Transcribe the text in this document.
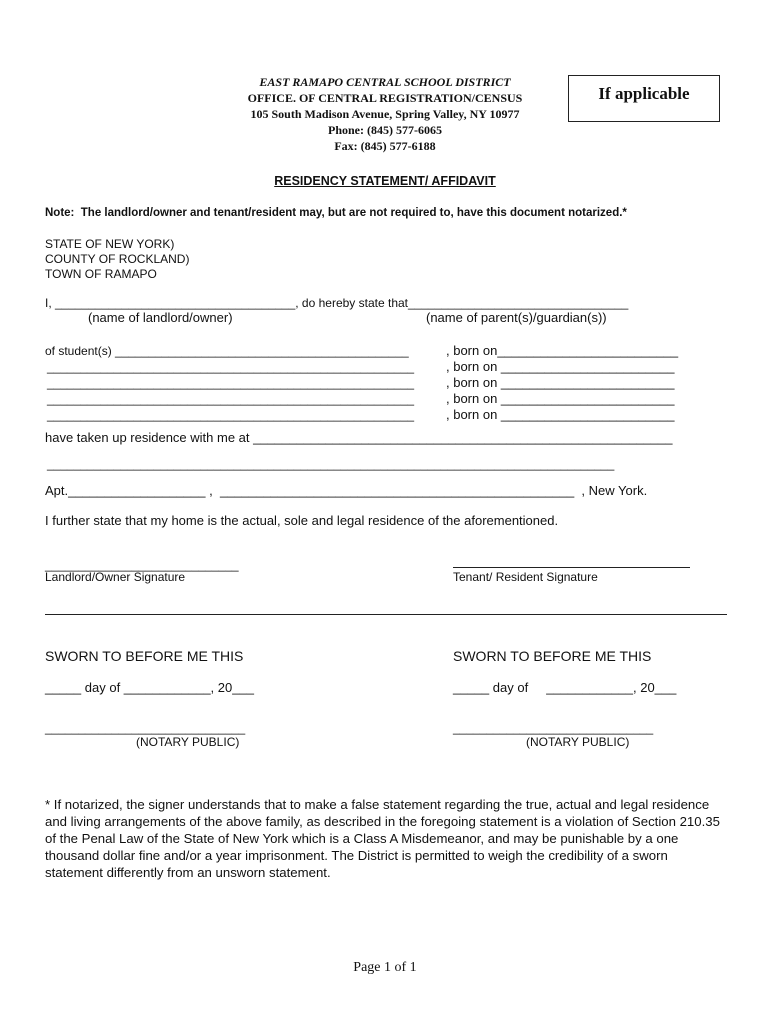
EAST RAMAPO CENTRAL SCHOOL DISTRICT
OFFICE. OF CENTRAL REGISTRATION/CENSUS
105 South Madison Avenue, Spring Valley, NY 10977
Phone: (845) 577-6065
Fax: (845) 577-6188
If applicable
RESIDENCY STATEMENT/ AFFIDAVIT
Note:  The landlord/owner and tenant/resident may, but are not required to, have this document notarized.*
STATE OF NEW YORK)
COUNTY OF ROCKLAND)
TOWN OF RAMAPO
I, ____________________________________, do hereby state that_________________________________
(name of landlord/owner)	(name of parent(s)/guardian(s))
of student(s) ____________________________________________	, born on_________________________
_______________________________________________________ , born on ________________________
_______________________________________________________ , born on ________________________
_______________________________________________________ , born on ________________________
_______________________________________________________ , born on ________________________
have taken up residence with me at __________________________________________________________
_____________________________________________________________________________________
Apt.___________________ ,  _________________________________________________  , New York.
I further state that my home is the actual, sole and legal residence of the aforementioned.
_____________________________
Landlord/Owner Signature	Tenant/ Resident Signature
SWORN TO BEFORE ME THIS	SWORN TO BEFORE ME THIS
_____ day of ____________, 20___	_____ day of     ____________, 20___
______________________________	______________________________
(NOTARY PUBLIC)	(NOTARY PUBLIC)
* If notarized, the signer understands that to make a false statement regarding the true, actual and legal residence and living arrangements of the above family, as described in the foregoing statement is a violation of Section 210.35 of the Penal Law of the State of New York which is a Class A Misdemeanor, and may be punishable by a one thousand dollar fine and/or a year imprisonment. The District is permitted to weigh the credibility of a sworn statement differently from an unsworn statement.
Page 1 of 1
